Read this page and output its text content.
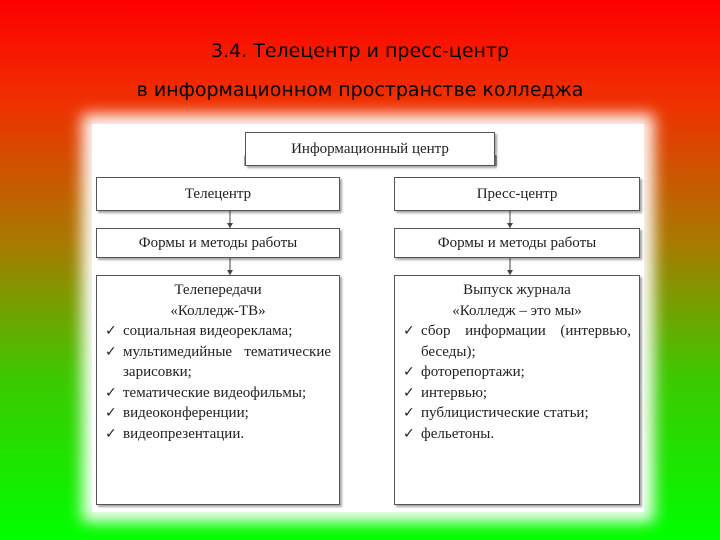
3.4. Телецентр и пресс-центр
в информационном пространстве колледжа
Информационный центр
Телецентр	Пресс-центр
Формы и методы работы	Формы и методы работы
Телепередачи
«Колледж-ТВ»
✓ социальная видеореклама;
✓ мультимедийные тематические зарисовки;
✓ тематические видеофильмы;
✓ видеоконференции;
✓ видеопрезентации.
Выпуск журнала
«Колледж – это мы»
✓ сбор информации (интервью, беседы);
✓ фоторепортажи;
✓ интервью;
✓ публицистические статьи;
✓ фельетоны.
